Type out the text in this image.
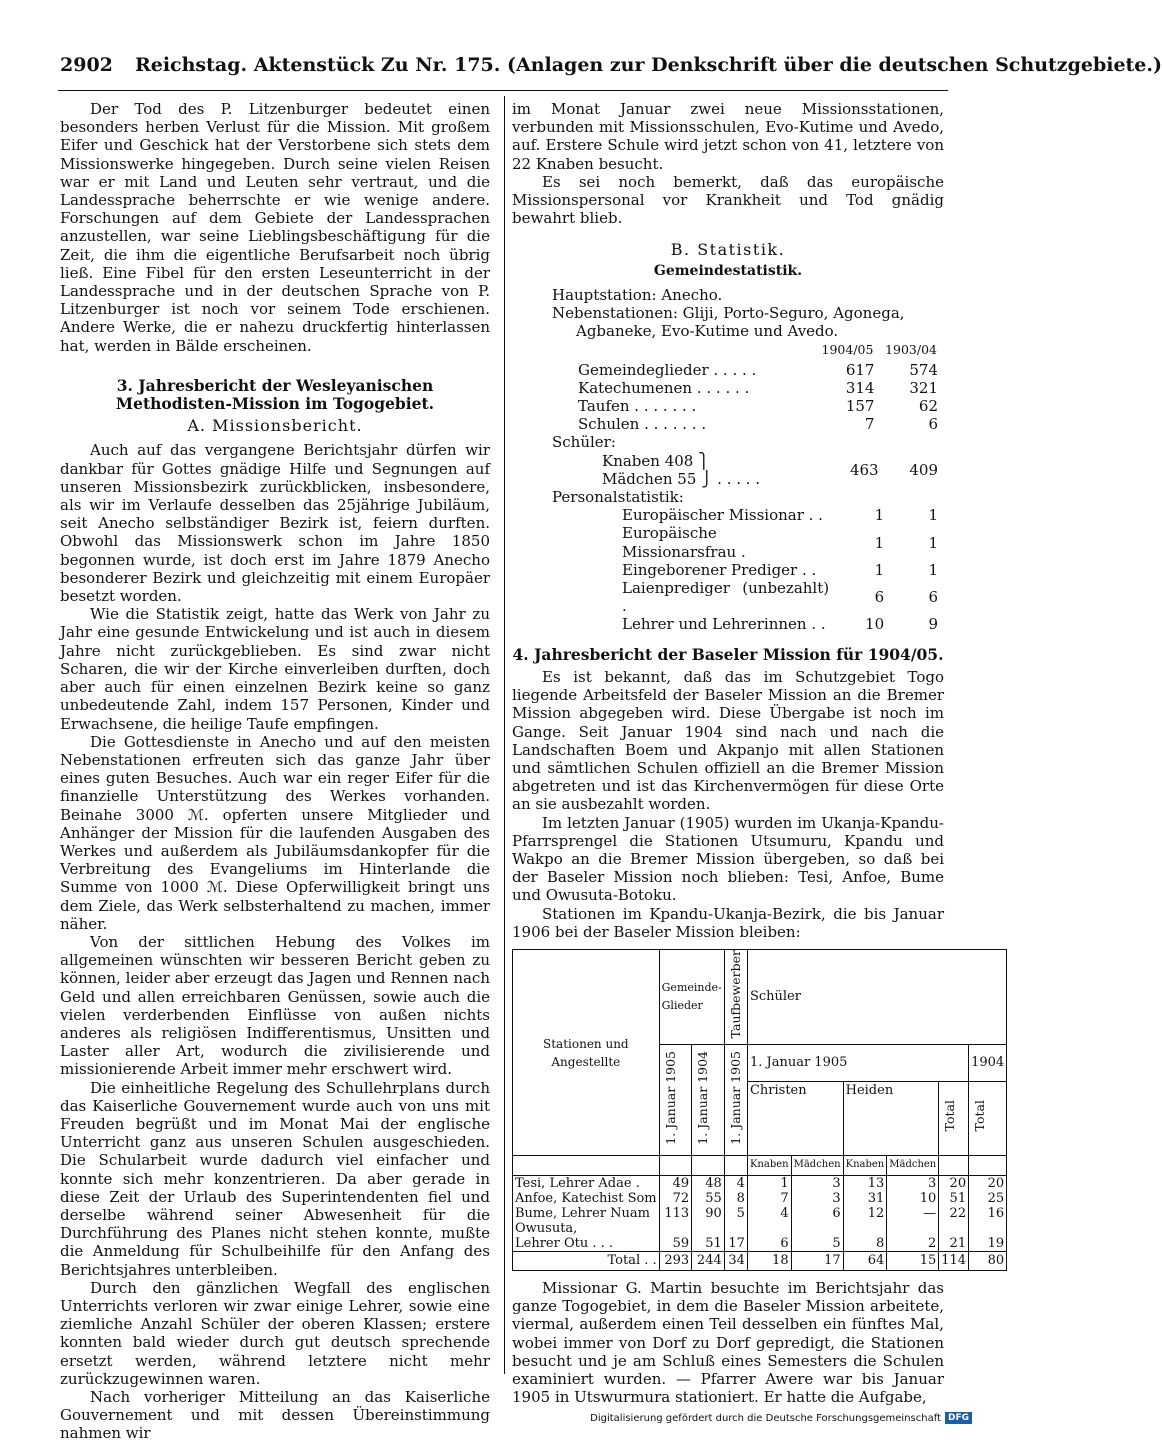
2902 Reichstag. Aktenstück Zu Nr. 175. (Anlagen zur Denkschrift über die deutschen Schutzgebiete.)

Der Tod des P. Litzenburger bedeutet einen besonders herben Verlust für die Mission. Mit großem Eifer und Geschick hat der Verstorbene sich stets dem Missionswerke hingegeben. Durch seine vielen Reisen war er mit Land und Leuten sehr vertraut, und die Landessprache beherrschte er wie wenige andere. Forschungen auf dem Gebiete der Landessprachen anzustellen, war seine Lieblingsbeschäftigung für die Zeit, die ihm die eigentliche Berufsarbeit noch übrig ließ. Eine Fibel für den ersten Leseunterricht in der Landessprache und in der deutschen Sprache von P. Litzenburger ist noch vor seinem Tode erschienen. Andere Werke, die er nahezu druckfertig hinterlassen hat, werden in Bälde erscheinen.

3. Jahresbericht der Wesleyanischen Methodisten-Mission im Togogebiet.
A. Missionsbericht.

Auch auf das vergangene Berichtsjahr dürfen wir dankbar für Gottes gnädige Hilfe und Segnungen auf unseren Missionsbezirk zurückblicken, insbesondere, als wir im Verlaufe desselben das 25jährige Jubiläum, seit Anecho selbständiger Bezirk ist, feiern durften. Obwohl das Missionswerk schon im Jahre 1850 begonnen wurde, ist doch erst im Jahre 1879 Anecho besonderer Bezirk und gleichzeitig mit einem Europäer besetzt worden.

Wie die Statistik zeigt, hatte das Werk von Jahr zu Jahr eine gesunde Entwickelung und ist auch in diesem Jahre nicht zurückgeblieben. Es sind zwar nicht Scharen, die wir der Kirche einverleiben durften, doch aber auch für einen einzelnen Bezirk keine so ganz unbedeutende Zahl, indem 157 Personen, Kinder und Erwachsene, die heilige Taufe empfingen.

Die Gottesdienste in Anecho und auf den meisten Nebenstationen erfreuten sich das ganze Jahr über eines guten Besuches. Auch war ein reger Eifer für die finanzielle Unterstützung des Werkes vorhanden. Beinahe 3000 ℳ. opferten unsere Mitglieder und Anhänger der Mission für die laufenden Ausgaben des Werkes und außerdem als Jubiläumsdankopfer für die Verbreitung des Evangeliums im Hinterlande die Summe von 1000 ℳ. Diese Opferwilligkeit bringt uns dem Ziele, das Werk selbsterhaltend zu machen, immer näher.

Von der sittlichen Hebung des Volkes im allgemeinen wünschten wir besseren Bericht geben zu können, leider aber erzeugt das Jagen und Rennen nach Geld und allen erreichbaren Genüssen, sowie auch die vielen verderbenden Einflüsse von außen nichts anderes als religiösen Indifferentismus, Unsitten und Laster aller Art, wodurch die zivilisierende und missionierende Arbeit immer mehr erschwert wird.

Die einheitliche Regelung des Schullehrplans durch das Kaiserliche Gouvernement wurde auch von uns mit Freuden begrüßt und im Monat Mai der englische Unterricht ganz aus unseren Schulen ausgeschieden. Die Schularbeit wurde dadurch viel einfacher und konnte sich mehr konzentrieren. Da aber gerade in diese Zeit der Urlaub des Superintendenten fiel und derselbe während seiner Abwesenheit für die Durchführung des Planes nicht stehen konnte, mußte die Anmeldung für Schulbeihilfe für den Anfang des Berichtsjahres unterbleiben.

Durch den gänzlichen Wegfall des englischen Unterrichts verloren wir zwar einige Lehrer, sowie eine ziemliche Anzahl Schüler der oberen Klassen; erstere konnten bald wieder durch gut deutsch sprechende ersetzt werden, während letztere nicht mehr zurückzugewinnen waren.

Nach vorheriger Mitteilung an das Kaiserliche Gouvernement und mit dessen Übereinstimmung nahmen wir

im Monat Januar zwei neue Missionsstationen, verbunden mit Missionsschulen, Evo-Kutime und Avedo, auf. Erstere Schule wird jetzt schon von 41, letztere von 22 Knaben besucht.

Es sei noch bemerkt, daß das europäische Missionspersonal vor Krankheit und Tod gnädig bewahrt blieb.

B. Statistik.
Gemeindestatistik.
Hauptstation: Anecho.
Nebenstationen: Gliji, Porto-Seguro, Agonega,
Agbaneke, Evo-Kutime und Avedo.
	1904/05	1903/04
Gemeindeglieder . . . . .	617	574
Katechumenen . . . . . .	314	321
Taufen . . . . . . .	157	62
Schulen . . . . . . .	7	6
Schüler:
Knaben 408 ⎫
Mädchen 55 ⎭ . . . . .	463	409
Personalstatistik:
Europäischer Missionar . .	1	1
Europäische Missionarsfrau .	1	1
Eingeborener Prediger . .	1	1
Laienprediger (unbezahlt) .	6	6
Lehrer und Lehrerinnen . .	10	9
4. Jahresbericht der Baseler Mission für 1904/05.

Es ist bekannt, daß das im Schutzgebiet Togo liegende Arbeitsfeld der Baseler Mission an die Bremer Mission abgegeben wird. Diese Übergabe ist noch im Gange. Seit Januar 1904 sind nach und nach die Landschaften Boem und Akpanjo mit allen Stationen und sämtlichen Schulen offiziell an die Bremer Mission abgetreten und ist das Kirchenvermögen für diese Orte an sie ausbezahlt worden.

Im letzten Januar (1905) wurden im Ukanja-Kpandu-Pfarrsprengel die Stationen Utsumuru, Kpandu und Wakpo an die Bremer Mission übergeben, so daß bei der Baseler Mission noch blieben: Tesi, Anfoe, Bume und Owusuta-Botoku.

Stationen im Kpandu-Ukanja-Bezirk, die bis Januar 1906 bei der Baseler Mission bleiben:

Stationen und Angestellte	Gemeinde-Glieder		Taufbewerber	Schüler					
	1. Januar 1905	1. Januar 1904	1. Januar 1905	1. Januar 1905					1904

				Christen		Heiden		Total	Total
				Knaben	Mädchen	Knaben	Mädchen		
Tesi, Lehrer Adae .	49	48	4	1	3	13	3	20	20
Anfoe, Katechist Som	72	55	8	7	3	31	10	51	25
Bume, Lehrer Nuam	113	90	5	4	6	12	—	22	16
Owusuta,									
Lehrer Otu . . .	59	51	17	6	5	8	2	21	19
Total . .	293	244	34	18	17	64	15	114	80

Missionar G. Martin besuchte im Berichtsjahr das ganze Togogebiet, in dem die Baseler Mission arbeitete, viermal, außerdem einen Teil desselben ein fünftes Mal, wobei immer von Dorf zu Dorf gepredigt, die Stationen besucht und je am Schluß eines Semesters die Schulen examiniert wurden. — Pfarrer Awere war bis Januar 1905 in Utswurmura stationiert. Er hatte die Aufgabe,

Digitalisierung gefördert durch die Deutsche Forschungsgemeinschaft DFG
